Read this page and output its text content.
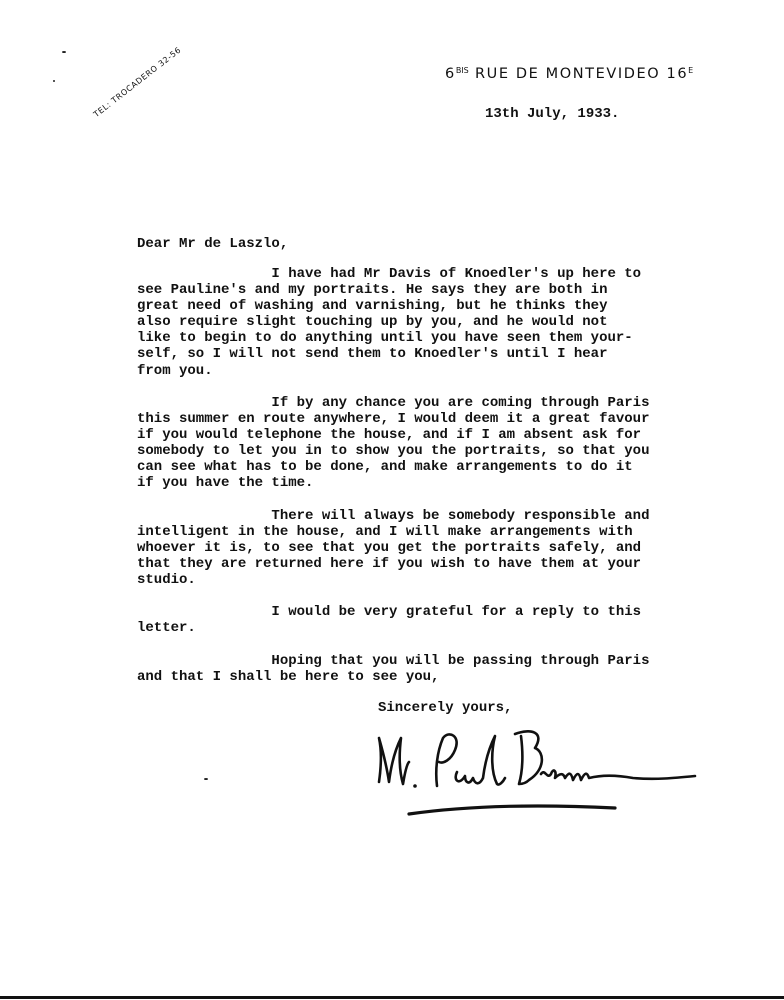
$6^{BIS}$ RUE DE MONTEVIDEO $16^E$
TEL: TROCADERO 32-56	13th July, 1933.
Dear Mr de Laszlo,
I have had Mr Davis of Knoedler's up here to
see Pauline's and my portraits. He says they are both in
great need of washing and varnishing, but he thinks they
also require slight touching up by you, and he would not
like to begin to do anything until you have seen them your-
self, so I will not send them to Knoedler's until I hear
from you.
If by any chance you are coming through Paris
this summer en route anywhere, I would deem it a great favour
if you would telephone the house, and if I am absent ask for
somebody to let you in to show you the portraits, so that you
can see what has to be done, and make arrangements to do it
if you have the time.
There will always be somebody responsible and
intelligent in the house, and I will make arrangements with
whoever it is, to see that you get the portraits safely, and
that they are returned here if you wish to have them at your
studio.
I would be very grateful for a reply to this
letter.
Hoping that you will be passing through Paris
and that I shall be here to see you,
Sincerely yours,
